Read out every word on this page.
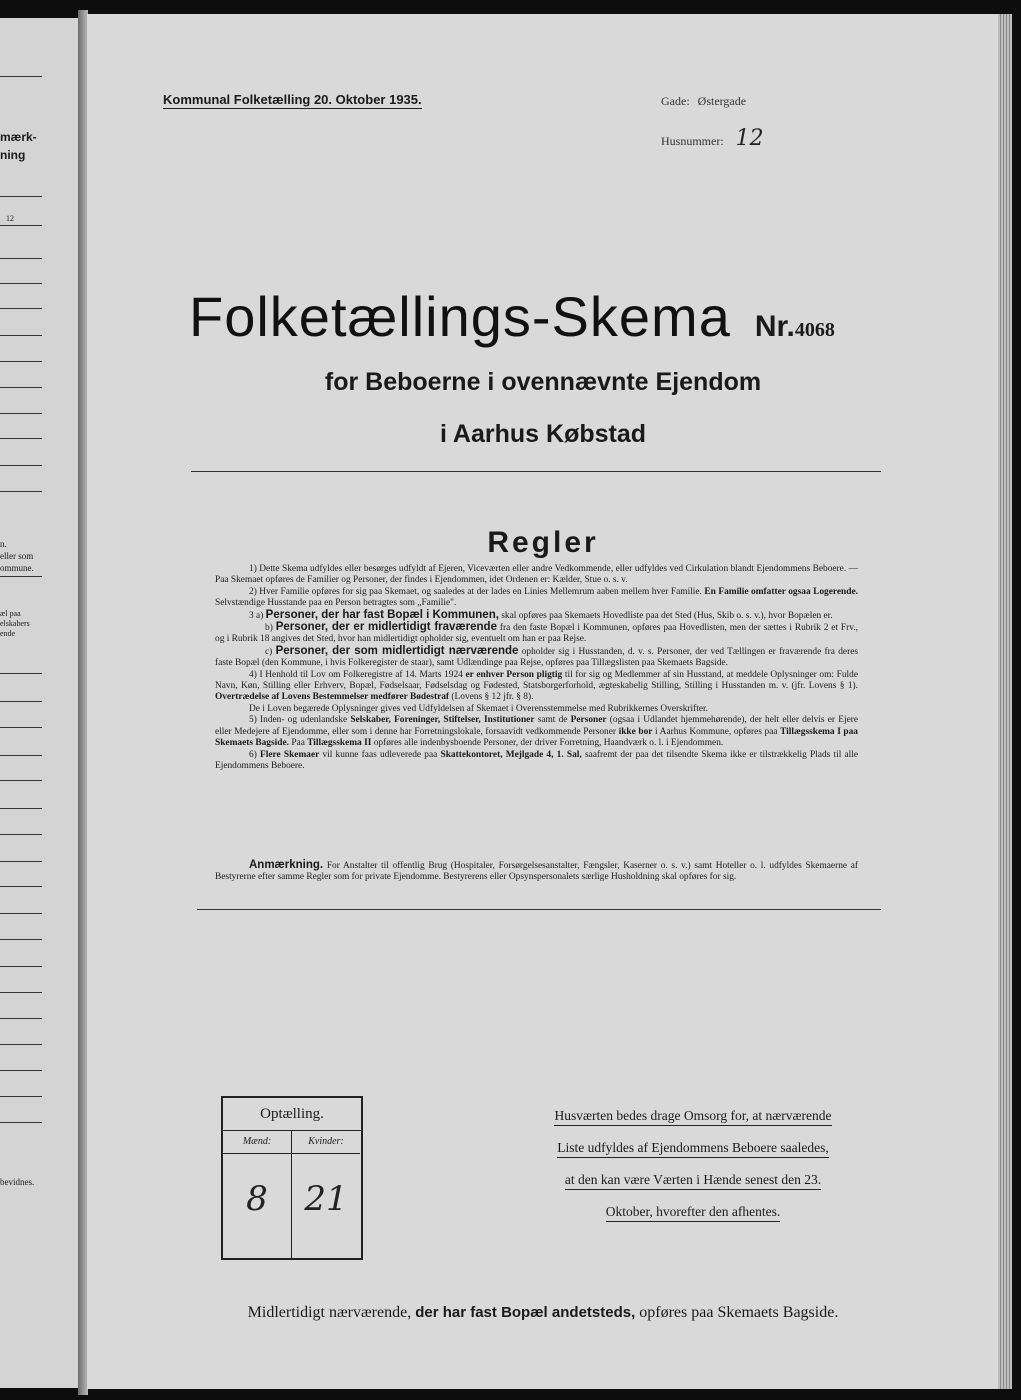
mærk-
ning
12
n.
eller som
ommune.
æl paa
elskabers
ende
bevidnes.
Kommunal Folketælling 20. Oktober 1935.	Gade: Østergade
Husnummer: 12
Folketællings-Skema Nr.4068
for Beboerne i ovennævnte Ejendom
i Aarhus Købstad
Regler

1) Dette Skema udfyldes eller besørges udfyldt af Ejeren, Viceværten eller andre Vedkommende, eller udfyldes ved Cirkulation blandt Ejendommens Beboere. — Paa Skemaet opføres de Familier og Personer, der findes i Ejendommen, idet Ordenen er: Kælder, Stue o. s. v.

2) Hver Familie opføres for sig paa Skemaet, og saaledes at der lades en Linies Mellemrum aaben mellem hver Familie. En Familie omfatter ogsaa Logerende. Selvstændige Husstande paa en Person betragtes som „Familie".

3 a) Personer, der har fast Bopæl i Kommunen, skal opføres paa Skemaets Hovedliste paa det Sted (Hus, Skib o. s. v.), hvor Bopælen er.

b) Personer, der er midlertidigt fraværende fra den faste Bopæl i Kommunen, opføres paa Hovedlisten, men der sættes i Rubrik 2 et Frv., og i Rubrik 18 angives det Sted, hvor han midlertidigt opholder sig, eventuelt om han er paa Rejse.

c) Personer, der som midlertidigt nærværende opholder sig i Husstanden, d. v. s. Personer, der ved Tællingen er fraværende fra deres faste Bopæl (den Kommune, i hvis Folkeregister de staar), samt Udlændinge paa Rejse, opføres paa Tillægslisten paa Skemaets Bagside.

4) I Henhold til Lov om Folkeregistre af 14. Marts 1924 er enhver Person pligtig til for sig og Medlemmer af sin Husstand, at meddele Oplysninger om: Fulde Navn, Køn, Stilling eller Erhverv, Bopæl, Fødselsaar, Fødselsdag og Fødested, Statsborgerforhold, ægteskabelig Stilling, Stilling i Husstanden m. v. (jfr. Lovens § 1). Overtrædelse af Lovens Bestemmelser medfører Bødestraf (Lovens § 12 jfr. § 8).

De i Loven begærede Oplysninger gives ved Udfyldelsen af Skemaet i Overensstemmelse med Rubrikkernes Overskrifter.

5) Inden- og udenlandske Selskaber, Foreninger, Stiftelser, Institutioner samt de Personer (ogsaa i Udlandet hjemmehørende), der helt eller delvis er Ejere eller Medejere af Ejendomme, eller som i denne har Forretningslokale, forsaavidt vedkommende Personer ikke bor i Aarhus Kommune, opføres paa Tillægsskema I paa Skemaets Bagside. Paa Tillægsskema II opføres alle indenbysboende Personer, der driver Forretning, Haandværk o. l. i Ejendommen.

6) Flere Skemaer vil kunne faas udleverede paa Skattekontoret, Mejlgade 4, 1. Sal, saafremt der paa det tilsendte Skema ikke er tilstrækkelig Plads til alle Ejendommens Beboere.

Anmærkning. For Anstalter til offentlig Brug (Hospitaler, Forsørgelsesanstalter, Fængsler, Kaserner o. s. v.) samt Hoteller o. l. udfyldes Skemaerne af Bestyrerne efter samme Regler som for private Ejendomme. Bestyrerens eller Opsynspersonalets særlige Husholdning skal opføres for sig.

Optælling.
Mænd:
8
Kvinder:
21
Husværten bedes drage Omsorg for, at nærværende
Liste udfyldes af Ejendommens Beboere saaledes,
at den kan være Værten i Hænde senest den 23.
Oktober, hvorefter den afhentes.
Midlertidigt nærværende, der har fast Bopæl andetsteds, opføres paa Skemaets Bagside.
